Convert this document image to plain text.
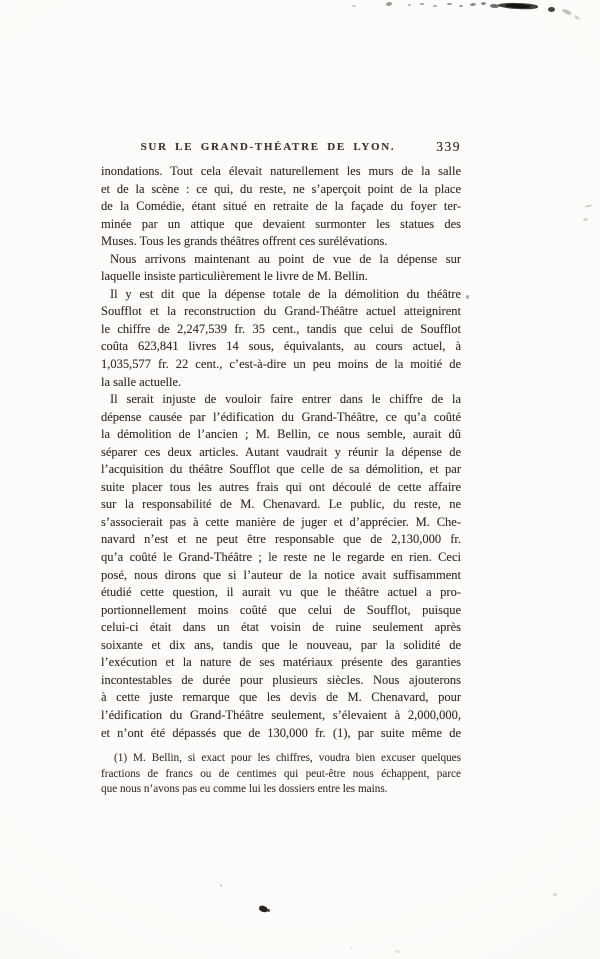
SUR LE GRAND-THÉATRE DE LYON.	339
inondations. Tout cela élevait naturellement les murs de la salle
et de la scène : ce qui, du reste, ne s’aperçoit point de la place
de la Comédie, étant situé en retraite de la façade du foyer ter-
minée par un attique que devaient surmonter les statues des
Muses. Tous les grands théâtres offrent ces surélévations.
Nous arrivons maintenant au point de vue de la dépense sur
laquelle insiste particulièrement le livre de M. Bellin.
Il y est dit que la dépense totale de la démolition du théâtre
Soufflot et la reconstruction du Grand-Théâtre actuel atteignirent
le chiffre de 2,247,539 fr. 35 cent., tandis que celui de Soufflot
coûta 623,841 livres 14 sous, équivalants, au cours actuel, à
1,035,577 fr. 22 cent., c’est-à-dire un peu moins de la moitié de
la salle actuelle.
Il serait injuste de vouloir faire entrer dans le chiffre de la
dépense causée par l’édification du Grand-Théâtre, ce qu’a coûté
la démolition de l’ancien ; M. Bellin, ce nous semble, aurait dû
séparer ces deux articles. Autant vaudrait y réunir la dépense de
l’acquisition du théâtre Soufflot que celle de sa démolition, et par
suite placer tous les autres frais qui ont découlé de cette affaire
sur la responsabilité de M. Chenavard. Le public, du reste, ne
s’associerait pas à cette manière de juger et d’apprécier. M. Che-
navard n’est et ne peut être responsable que de 2,130,000 fr.
qu’a coûté le Grand-Théâtre ; le reste ne le regarde en rien. Ceci
posé, nous dirons que si l’auteur de la notice avait suffisamment
étudié cette question, il aurait vu que le théâtre actuel a pro-
portionnellement moins coûté que celui de Soufflot, puisque
celui-ci était dans un état voisin de ruine seulement après
soixante et dix ans, tandis que le nouveau, par la solidité de
l’exécution et la nature de ses matériaux présente des garanties
incontestables de durée pour plusieurs siècles. Nous ajouterons
à cette juste remarque que les devis de M. Chenavard, pour
l’édification du Grand-Théâtre seulement, s’élevaient à 2,000,000,
et n’ont été dépassés que de 130,000 fr. (1), par suite même de
(1) M. Bellin, si exact pour les chiffres, voudra bien excuser quelques
fractions de francs ou de centimes qui peut-être nous échappent, parce
que nous n’avons pas eu comme lui les dossiers entre les mains.
